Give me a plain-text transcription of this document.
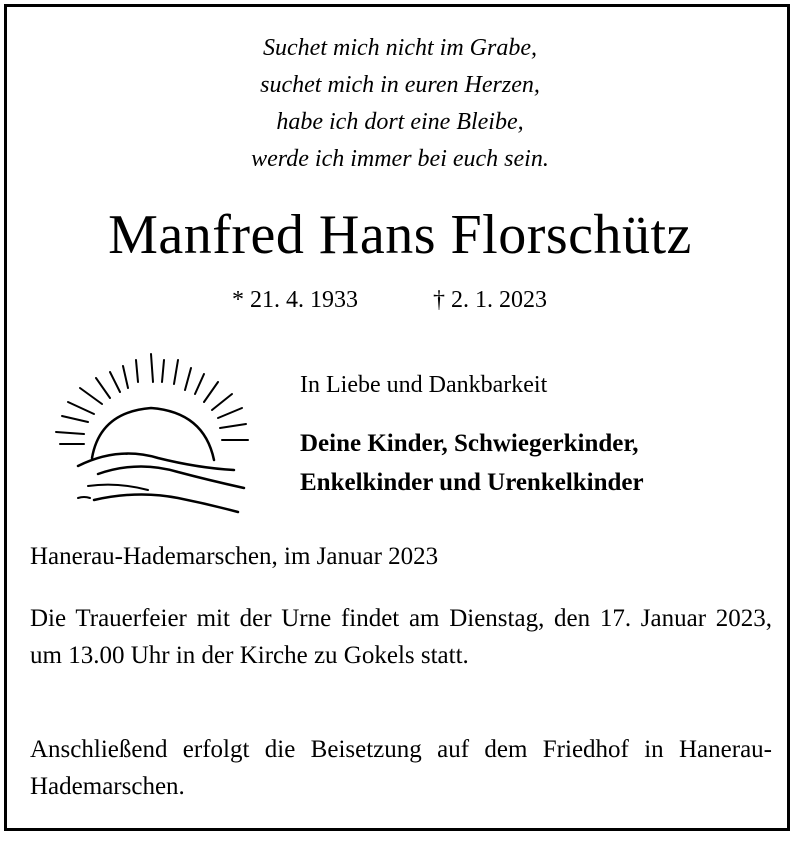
Suchet mich nicht im Grabe,
suchet mich in euren Herzen,
habe ich dort eine Bleibe,
werde ich immer bei euch sein.
Manfred Hans Florschütz
* 21. 4. 1933	† 2. 1. 2023
In Liebe und Dankbarkeit
Deine Kinder, Schwiegerkinder,
Enkelkinder und Urenkelkinder
Hanerau-Hademarschen, im Januar 2023
Die Trauerfeier mit der Urne findet am Dienstag, den 17. Januar 2023, um 13.00 Uhr in der Kirche zu Gokels statt.
Anschließend erfolgt die Beisetzung auf dem Friedhof in Hanerau-Hademarschen.
